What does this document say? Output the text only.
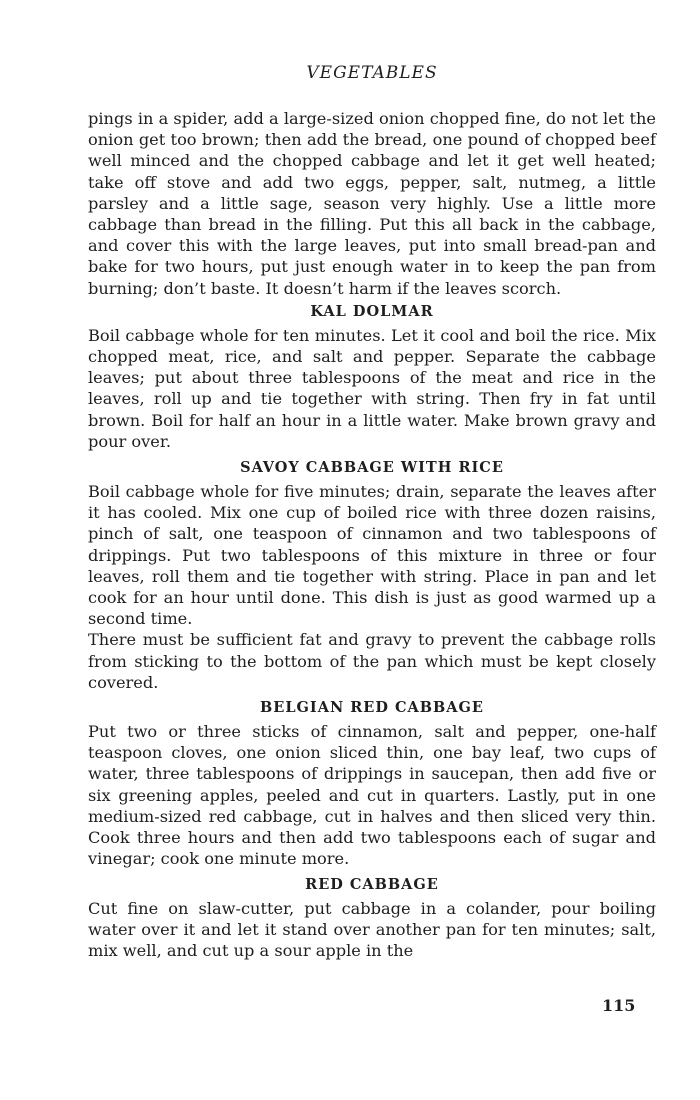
VEGETABLES

pings in a spider, add a large-sized onion chopped fine, do not let the onion get too brown; then add the bread, one pound of chopped beef well minced and the chopped cabbage and let it get well heated; take off stove and add two eggs, pepper, salt, nutmeg, a little parsley and a little sage, season very highly. Use a little more cabbage than bread in the filling. Put this all back in the cabbage, and cover this with the large leaves, put into small bread-pan and bake for two hours, put just enough water in to keep the pan from burning; don’t baste. It doesn’t harm if the leaves scorch.

KAL DOLMAR

Boil cabbage whole for ten minutes. Let it cool and boil the rice. Mix chopped meat, rice, and salt and pepper. Separate the cabbage leaves; put about three tablespoons of the meat and rice in the leaves, roll up and tie together with string. Then fry in fat until brown. Boil for half an hour in a little water. Make brown gravy and pour over.

SAVOY CABBAGE WITH RICE

Boil cabbage whole for five minutes; drain, separate the leaves after it has cooled. Mix one cup of boiled rice with three dozen raisins, pinch of salt, one teaspoon of cinnamon and two tablespoons of drippings. Put two tablespoons of this mixture in three or four leaves, roll them and tie together with string. Place in pan and let cook for an hour until done. This dish is just as good warmed up a second time.

There must be sufficient fat and gravy to prevent the cabbage rolls from sticking to the bottom of the pan which must be kept closely covered.

BELGIAN RED CABBAGE

Put two or three sticks of cinnamon, salt and pepper, one-half teaspoon cloves, one onion sliced thin, one bay leaf, two cups of water, three tablespoons of drippings in saucepan, then add five or six greening apples, peeled and cut in quarters. Lastly, put in one medium-sized red cabbage, cut in halves and then sliced very thin. Cook three hours and then add two tablespoons each of sugar and vinegar; cook one minute more.

RED CABBAGE

Cut fine on slaw-cutter, put cabbage in a colander, pour boiling water over it and let it stand over another pan for ten minutes; salt, mix well, and cut up a sour apple in the

115
